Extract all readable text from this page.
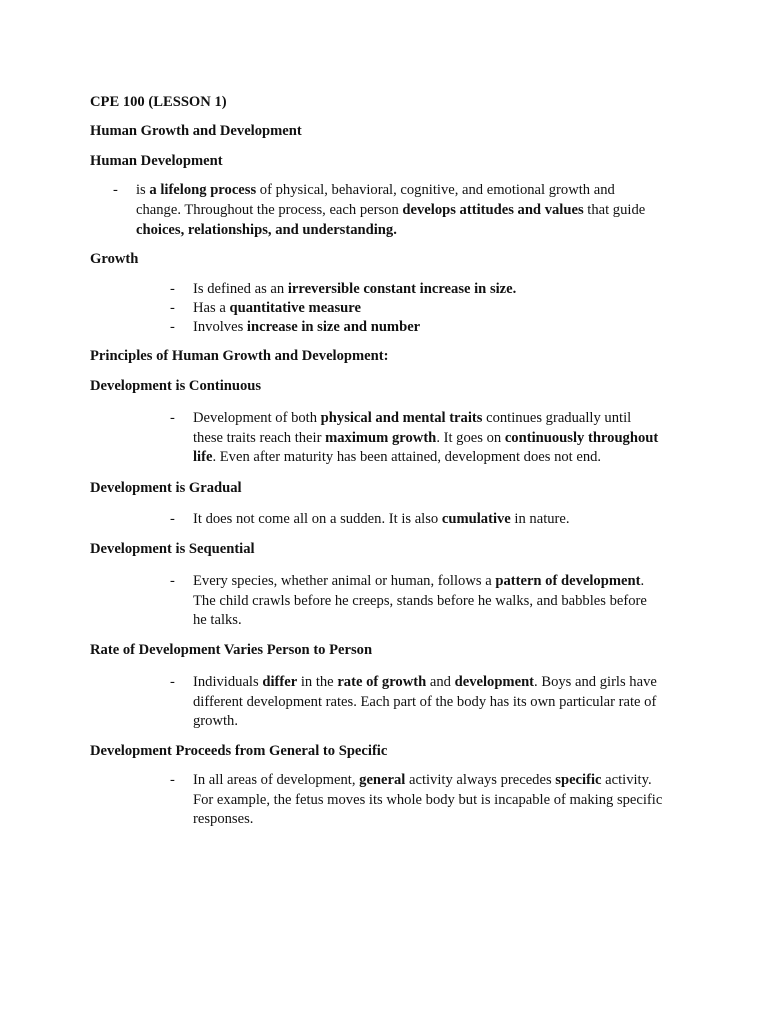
CPE 100 (LESSON 1)
Human Growth and Development
Human Development
- is a lifelong process of physical, behavioral, cognitive, and emotional growth and
change. Throughout the process, each person develops attitudes and values that guide
choices, relationships, and understanding.
Growth
- Is defined as an irreversible constant increase in size.
- Has a quantitative measure
- Involves increase in size and number
Principles of Human Growth and Development:
Development is Continuous
- Development of both physical and mental traits continues gradually until
these traits reach their maximum growth. It goes on continuously throughout
life. Even after maturity has been attained, development does not end.
Development is Gradual
- It does not come all on a sudden. It is also cumulative in nature.
Development is Sequential
- Every species, whether animal or human, follows a pattern of development.
The child crawls before he creeps, stands before he walks, and babbles before
he talks.
Rate of Development Varies Person to Person
- Individuals differ in the rate of growth and development. Boys and girls have
different development rates. Each part of the body has its own particular rate of
growth.
Development Proceeds from General to Specific
- In all areas of development, general activity always precedes specific activity.
For example, the fetus moves its whole body but is incapable of making specific
responses.
